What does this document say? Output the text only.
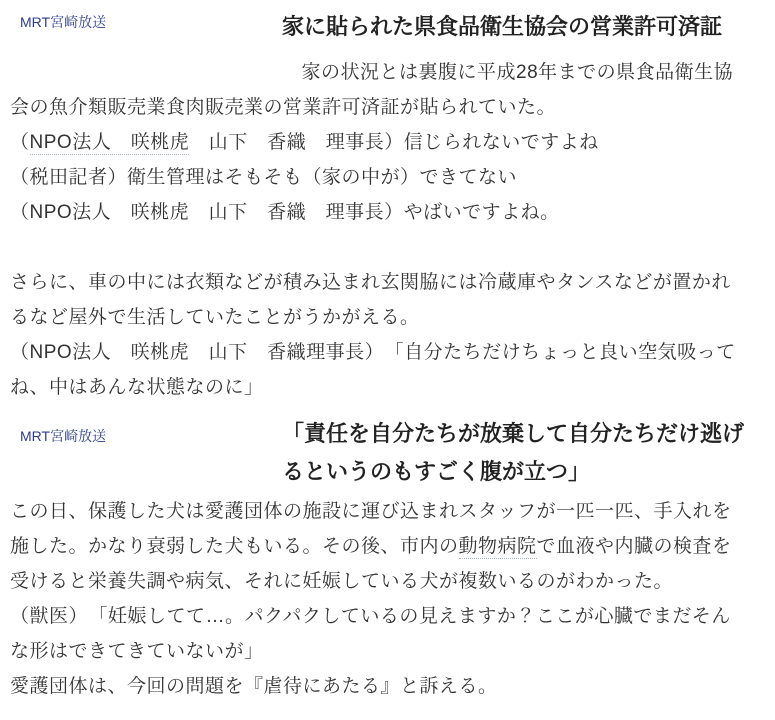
MRT宮崎放送	家に貼られた県食品衛生協会の営業許可済証

　家の状況とは裏腹に平成28年までの県食品衛生協会の魚介類販売業食肉販売業の営業許可済証が貼られていた。

（NPO法人　咲桃虎　山下　香織　理事長）信じられないですよね

（税田記者）衛生管理はそもそも（家の中が）できてない

（NPO法人　咲桃虎　山下　香織　理事長）やばいですよね。

さらに、車の中には衣類などが積み込まれ玄関脇には冷蔵庫やタンスなどが置かれるなど屋外で生活していたことがうかがえる。

（NPO法人　咲桃虎　山下　香織理事長）　「自分たちだけちょっと良い空気吸ってね、中はあんな状態なのに」

MRT宮崎放送	「責任を自分たちが放棄して自分たちだけ逃げるというのもすごく腹が立つ」

この日、保護した犬は愛護団体の施設に運び込まれスタッフが一匹一匹、手入れを施した。かなり衰弱した犬もいる。その後、市内の動物病院で血液や内臓の検査を受けると栄養失調や病気、それに妊娠している犬が複数いるのがわかった。

（獣医）　「妊娠してて…。パクパクしているの見えますか？ここが心臓でまだそんな形はできてきていないが」

愛護団体は、今回の問題を『虐待にあたる』と訴える。
